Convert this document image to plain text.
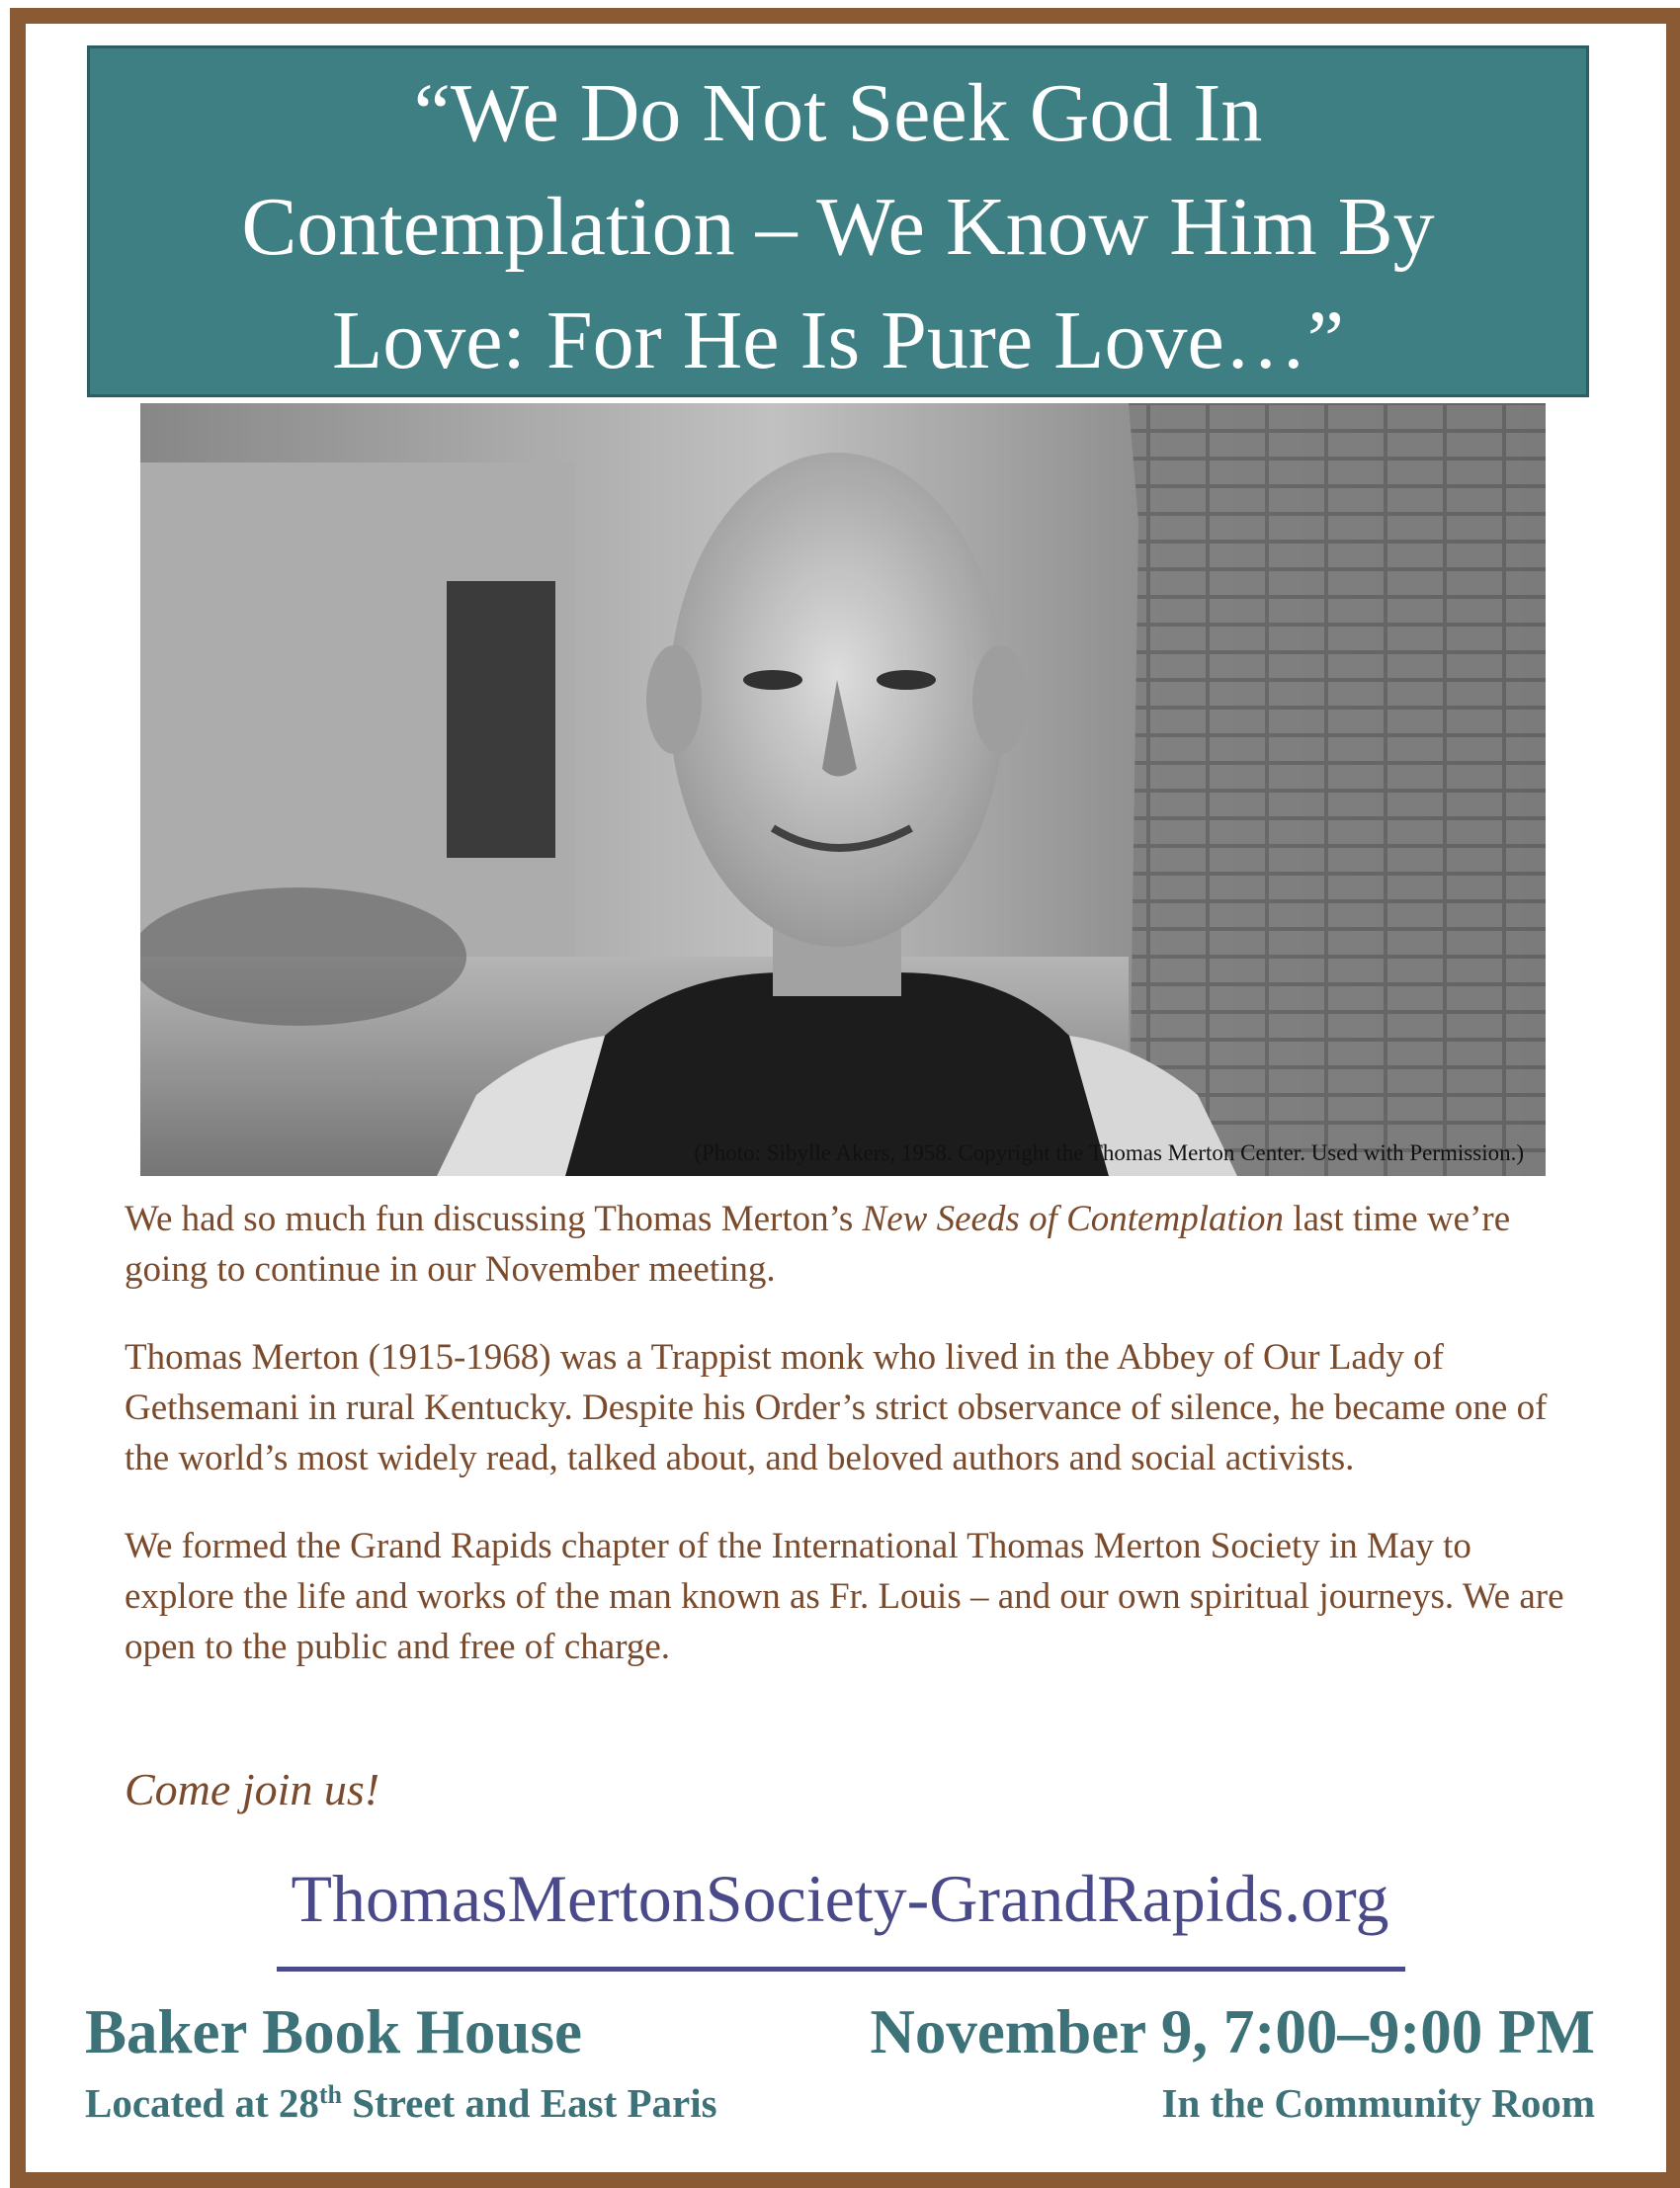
“We Do Not Seek God In
Contemplation – We Know Him By
Love: For He Is Pure Love…”
(Photo: Sibylle Akers, 1958. Copyright the Thomas Merton Center. Used with Permission.)

We had so much fun discussing Thomas Merton’s New Seeds of Contemplation last time we’re going to continue in our November meeting.

Thomas Merton (1915-1968) was a Trappist monk who lived in the Abbey of Our Lady of Gethsemani in rural Kentucky. Despite his Order’s strict observance of silence, he became one of the world’s most widely read, talked about, and beloved authors and social activists.

We formed the Grand Rapids chapter of the International Thomas Merton Society in May to explore the life and works of the man known as Fr. Louis – and our own spiritual journeys. We are open to the public and free of charge.

Come join us!
ThomasMertonSociety-GrandRapids.org
Baker Book House	November 9, 7:00–9:00 PM
Located at 28th Street and East Paris	In the Community Room
